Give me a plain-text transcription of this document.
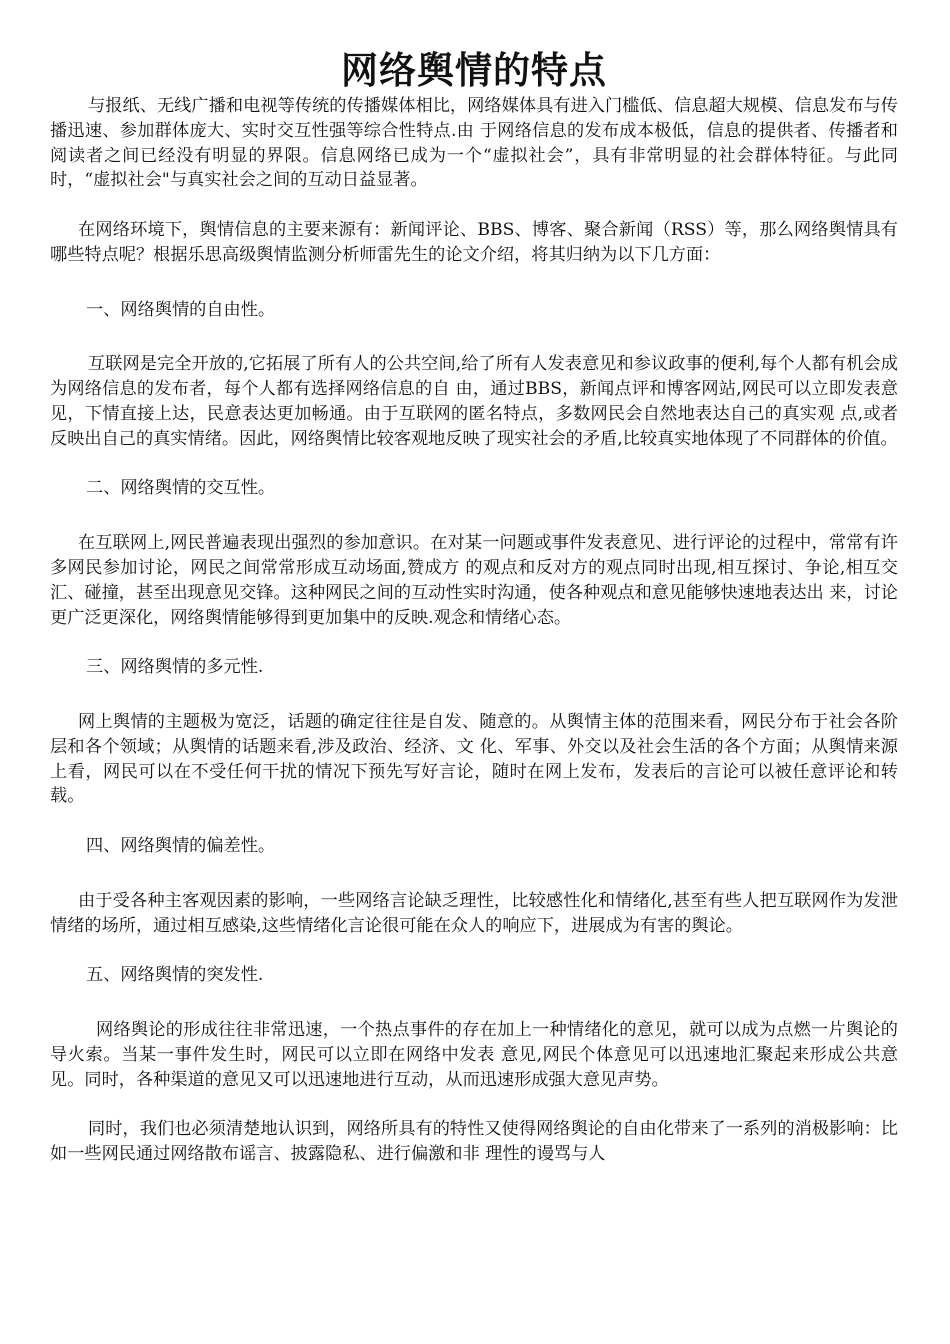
网络舆情的特点

与报纸、无线广播和电视等传统的传播媒体相比，网络媒体具有进入门槛低、信息超大规模、信息发布与传播迅速、参加群体庞大、实时交互性强等综合性特点.由 于网络信息的发布成本极低，信息的提供者、传播者和阅读者之间已经没有明显的界限。信息网络已成为一个“虚拟社会”，具有非常明显的社会群体特征。与此同 时，“虚拟社会"与真实社会之间的互动日益显著。

在网络环境下，舆情信息的主要来源有：新闻评论、BBS、博客、聚合新闻（RSS）等，那么网络舆情具有哪些特点呢？根据乐思高级舆情监测分析师雷先生的论文介绍，将其归纳为以下几方面：

一、网络舆情的自由性。

互联网是完全开放的,它拓展了所有人的公共空间,给了所有人发表意见和参议政事的便利,每个人都有机会成为网络信息的发布者，每个人都有选择网络信息的自 由，通过BBS，新闻点评和博客网站,网民可以立即发表意见，下情直接上达，民意表达更加畅通。由于互联网的匿名特点，多数网民会自然地表达自己的真实观 点,或者反映出自己的真实情绪。因此，网络舆情比较客观地反映了现实社会的矛盾,比较真实地体现了不同群体的价值。

二、网络舆情的交互性。

在互联网上,网民普遍表现出强烈的参加意识。在对某一问题或事件发表意见、进行评论的过程中，常常有许多网民参加讨论，网民之间常常形成互动场面,赞成方 的观点和反对方的观点同时出现,相互探讨、争论,相互交汇、碰撞，甚至出现意见交锋。这种网民之间的互动性实时沟通，使各种观点和意见能够快速地表达出 来，讨论更广泛更深化，网络舆情能够得到更加集中的反映.观念和情绪心态。

三、网络舆情的多元性.

网上舆情的主题极为宽泛，话题的确定往往是自发、随意的。从舆情主体的范围来看，网民分布于社会各阶层和各个领域；从舆情的话题来看,涉及政治、经济、文 化、军事、外交以及社会生活的各个方面；从舆情来源上看，网民可以在不受任何干扰的情况下预先写好言论，随时在网上发布，发表后的言论可以被任意评论和转 载。

四、网络舆情的偏差性。

由于受各种主客观因素的影响，一些网络言论缺乏理性，比较感性化和情绪化,甚至有些人把互联网作为发泄情绪的场所，通过相互感染,这些情绪化言论很可能在众人的响应下，进展成为有害的舆论。

五、网络舆情的突发性.

网络舆论的形成往往非常迅速，一个热点事件的存在加上一种情绪化的意见，就可以成为点燃一片舆论的导火索。当某一事件发生时，网民可以立即在网络中发表 意见,网民个体意见可以迅速地汇聚起来形成公共意见。同时，各种渠道的意见又可以迅速地进行互动，从而迅速形成强大意见声势。

同时，我们也必须清楚地认识到，网络所具有的特性又使得网络舆论的自由化带来了一系列的消极影响：比如一些网民通过网络散布谣言、披露隐私、进行偏激和非 理性的谩骂与人
